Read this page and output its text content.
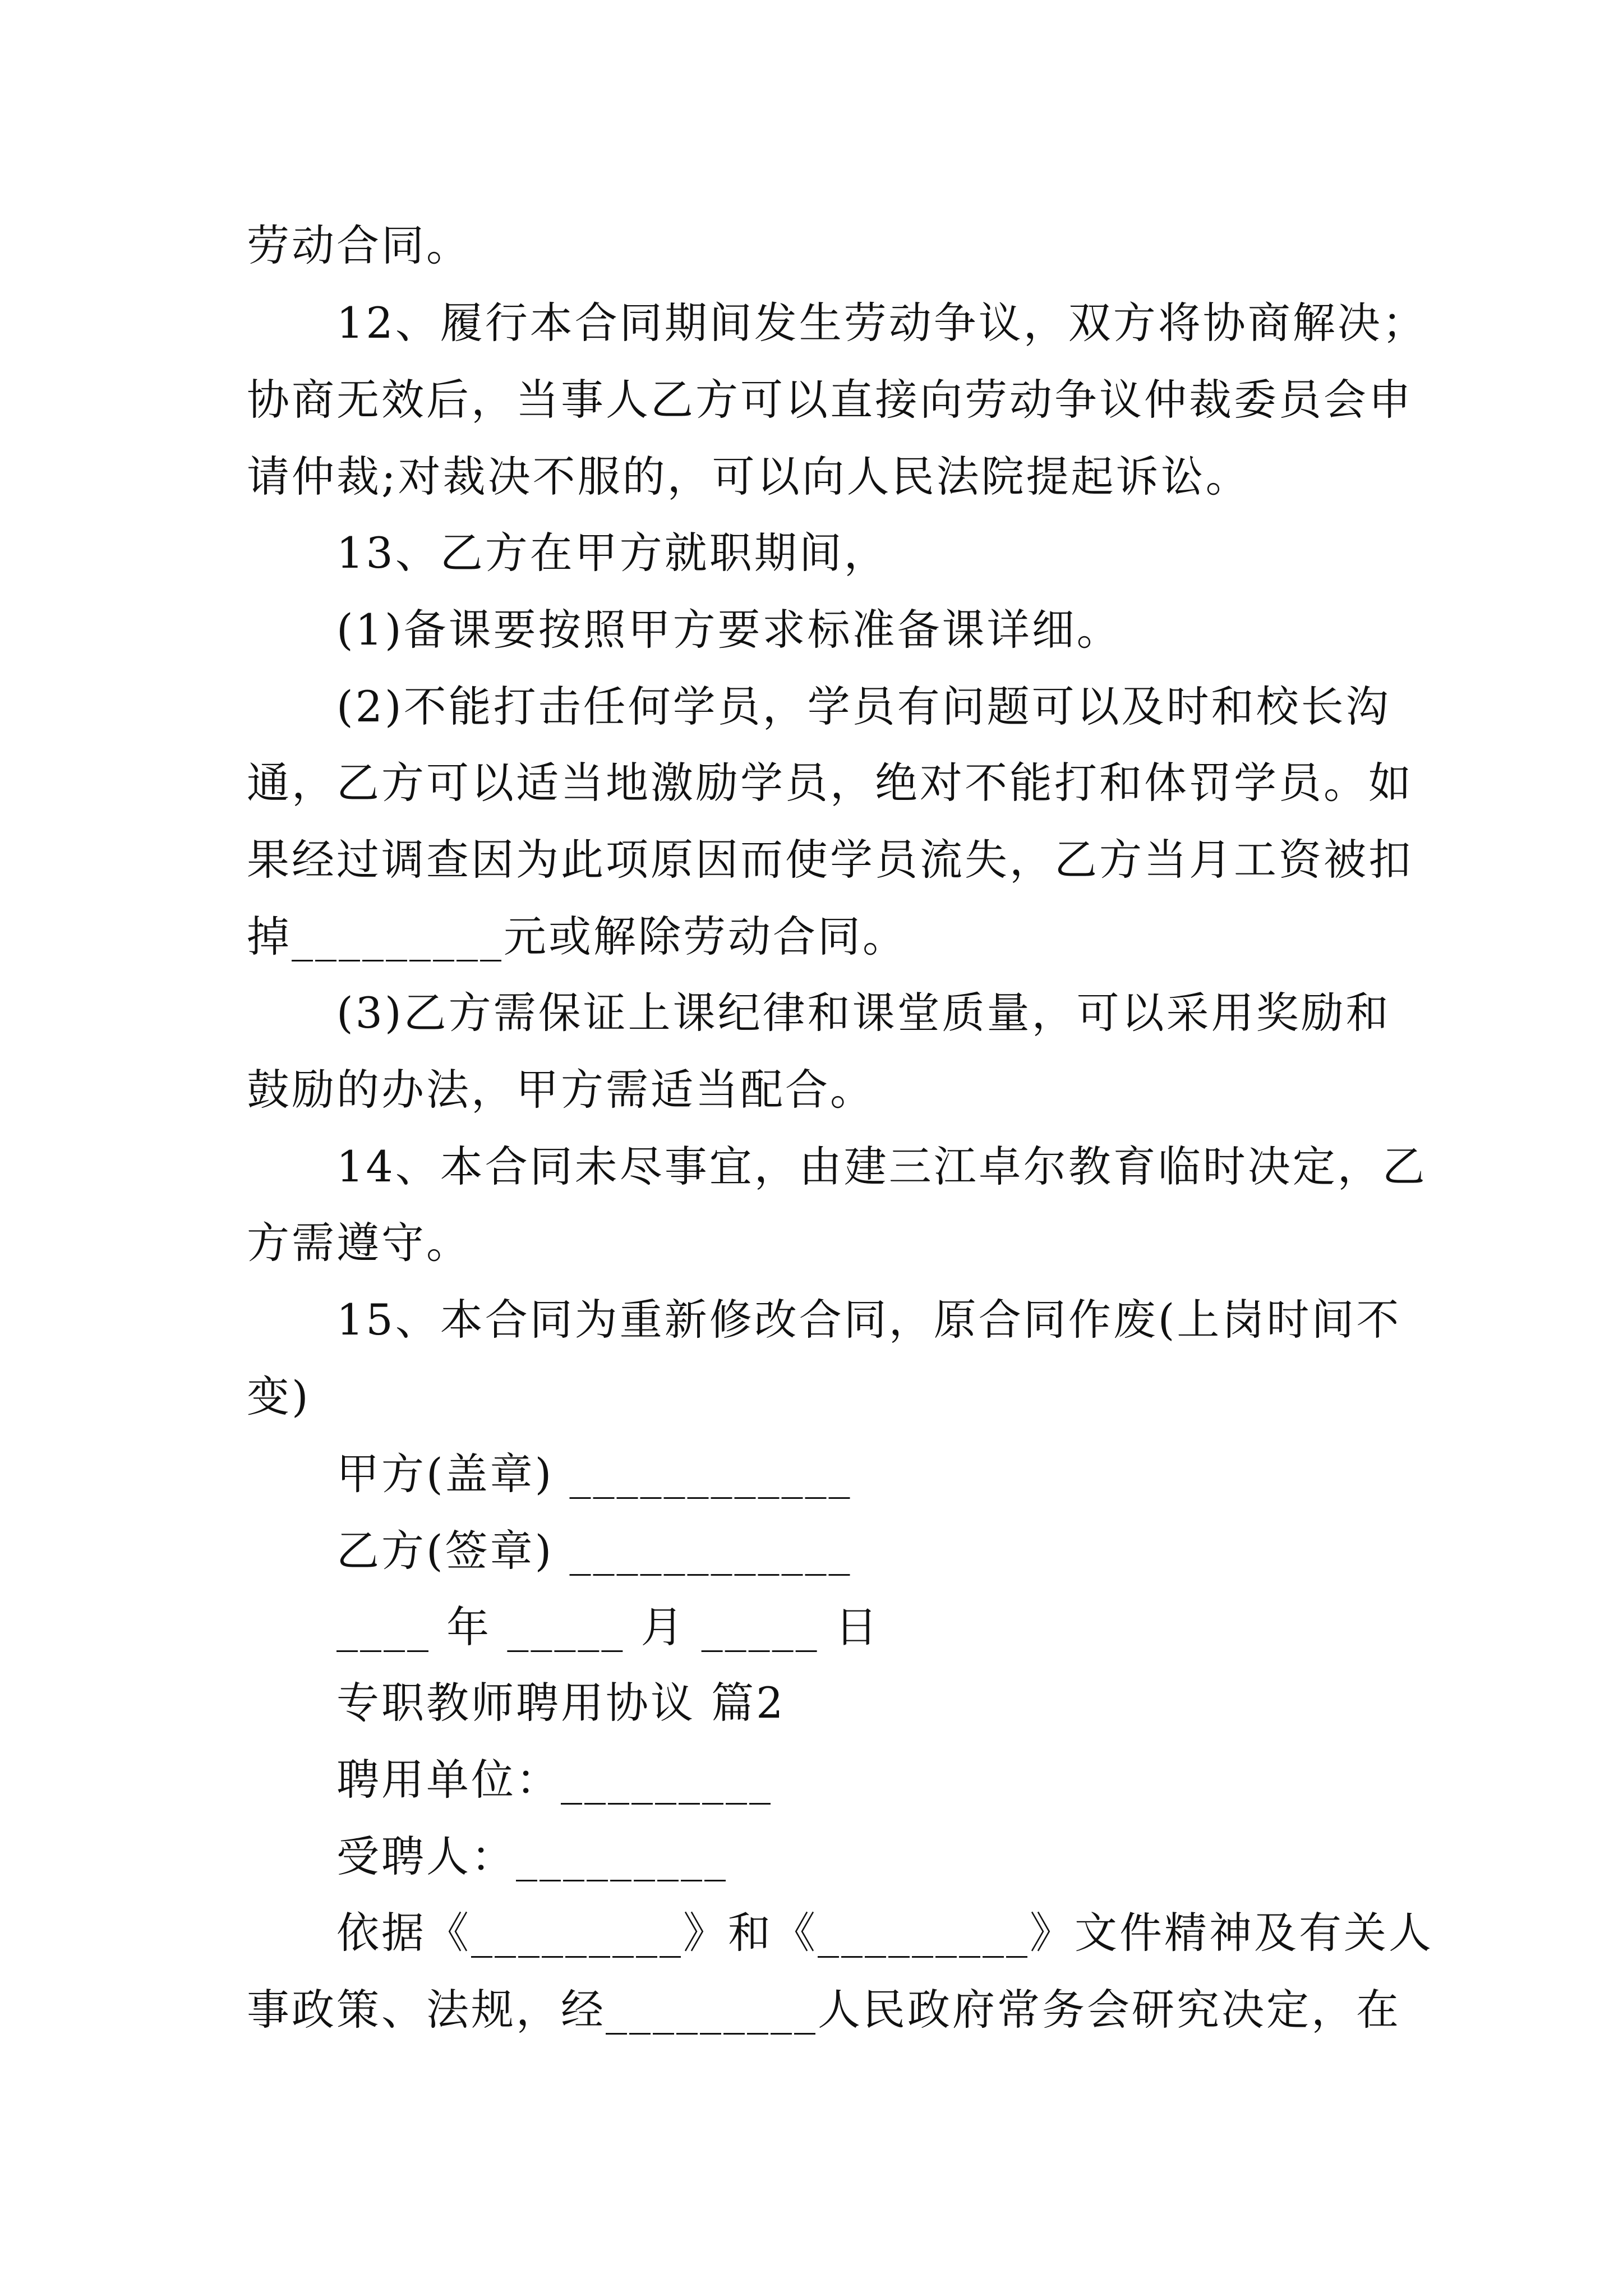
劳动合同。
12、履行本合同期间发生劳动争议，双方将协商解决；
协商无效后，当事人乙方可以直接向劳动争议仲裁委员会申
请仲裁;对裁决不服的，可以向人民法院提起诉讼。
13、乙方在甲方就职期间，
(1)备课要按照甲方要求标准备课详细。
(2)不能打击任何学员，学员有问题可以及时和校长沟
通，乙方可以适当地激励学员，绝对不能打和体罚学员。如
果经过调查因为此项原因而使学员流失，乙方当月工资被扣
掉_________元或解除劳动合同。
(3)乙方需保证上课纪律和课堂质量，可以采用奖励和
鼓励的办法，甲方需适当配合。
14、本合同未尽事宜，由建三江卓尔教育临时决定，乙
方需遵守。
15、本合同为重新修改合同，原合同作废(上岗时间不
变)
甲方(盖章) ____________
乙方(签章) ____________
____ 年 _____ 月 _____ 日
专职教师聘用协议 篇2
聘用单位：_________
受聘人：_________
依据《_________》和《_________》文件精神及有关人
事政策、法规，经_________人民政府常务会研究决定，在
